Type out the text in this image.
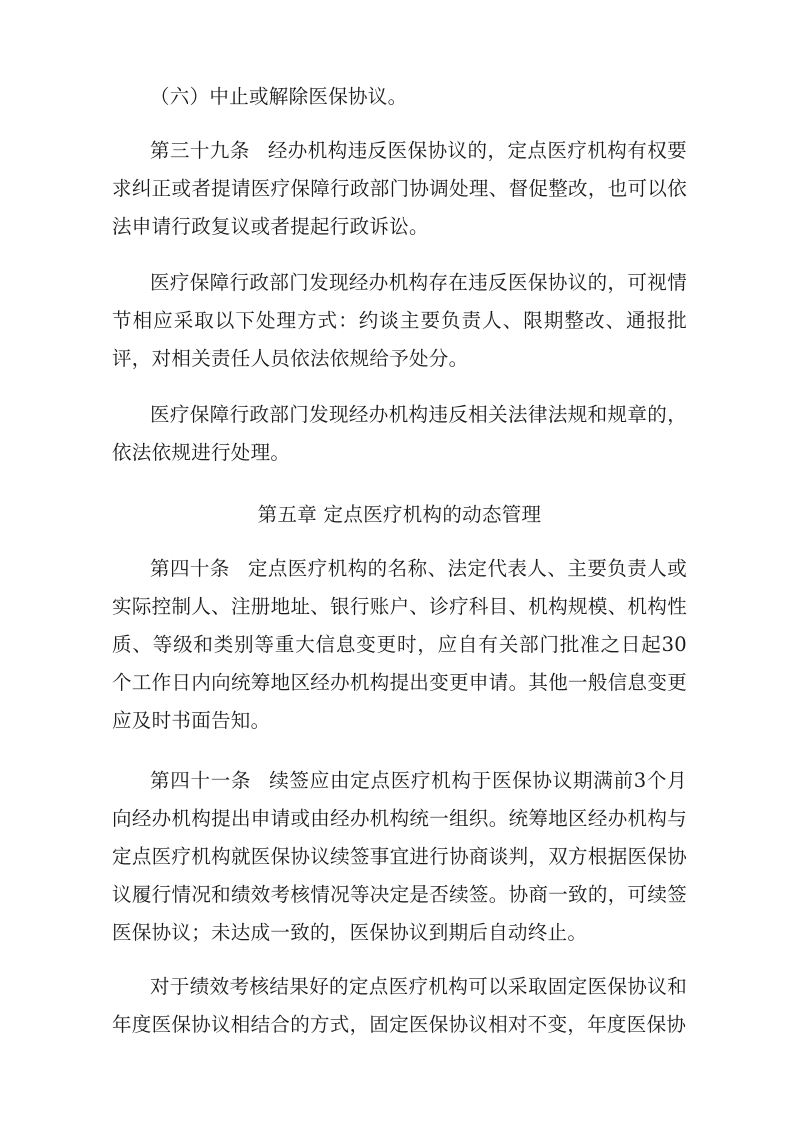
（六）中止或解除医保协议。

第三十九条 经办机构违反医保协议的，定点医疗机构有权要求纠正或者提请医疗保障行政部门协调处理、督促整改，也可以依法申请行政复议或者提起行政诉讼。

医疗保障行政部门发现经办机构存在违反医保协议的，可视情节相应采取以下处理方式：约谈主要负责人、限期整改、通报批评，对相关责任人员依法依规给予处分。

医疗保障行政部门发现经办机构违反相关法律法规和规章的，依法依规进行处理。

第五章 定点医疗机构的动态管理

第四十条 定点医疗机构的名称、法定代表人、主要负责人或实际控制人、注册地址、银行账户、诊疗科目、机构规模、机构性质、等级和类别等重大信息变更时，应自有关部门批准之日起30个工作日内向统筹地区经办机构提出变更申请。其他一般信息变更应及时书面告知。

第四十一条 续签应由定点医疗机构于医保协议期满前3个月向经办机构提出申请或由经办机构统一组织。统筹地区经办机构与定点医疗机构就医保协议续签事宜进行协商谈判，双方根据医保协议履行情况和绩效考核情况等决定是否续签。协商一致的，可续签医保协议；未达成一致的，医保协议到期后自动终止。

对于绩效考核结果好的定点医疗机构可以采取固定医保协议和年度医保协议相结合的方式，固定医保协议相对不变，年度医保协
